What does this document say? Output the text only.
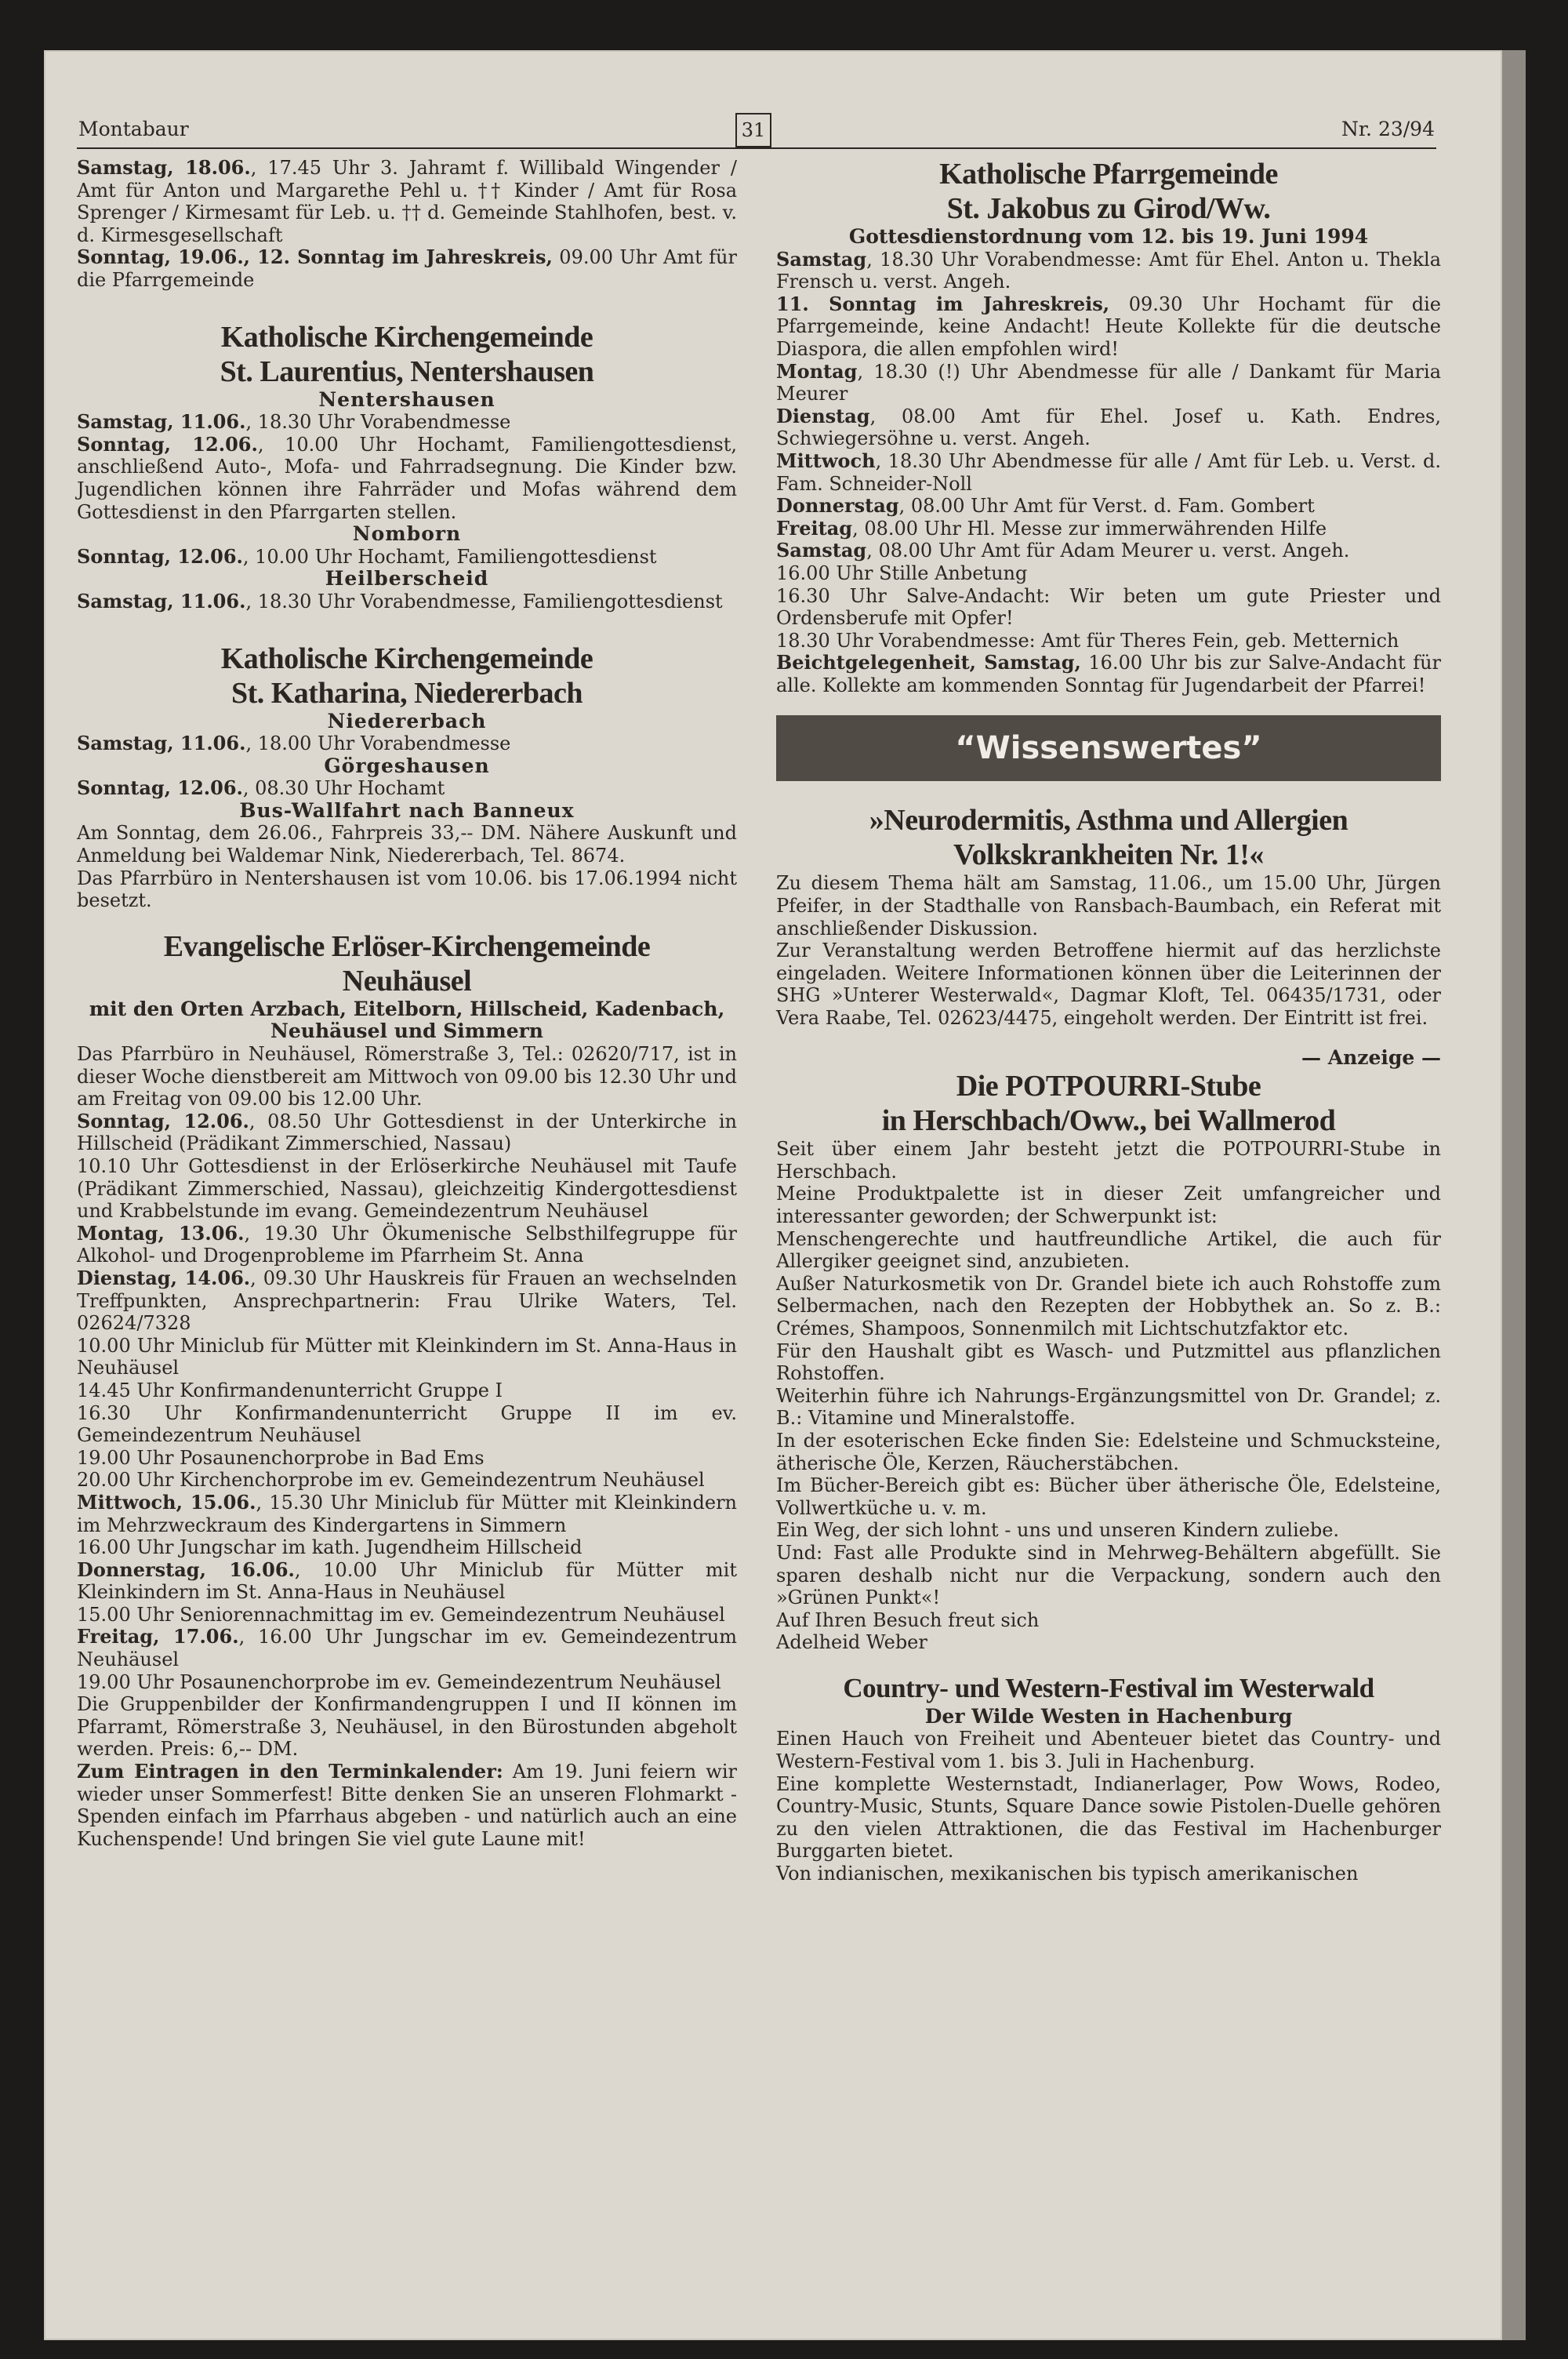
Montabaur	31	Nr. 23/94

Samstag, 18.06., 17.45 Uhr 3. Jahramt f. Willibald Wingender / Amt für Anton und Margarethe Pehl u. †† Kinder / Amt für Rosa Sprenger / Kirmesamt für Leb. u. †† d. Gemeinde Stahlhofen, best. v. d. Kirmesgesellschaft

Sonntag, 19.06., 12. Sonntag im Jahreskreis, 09.00 Uhr Amt für die Pfarrgemeinde

Katholische Kirchengemeinde

St. Laurentius, Nentershausen

Nentershausen

Samstag, 11.06., 18.30 Uhr Vorabendmesse

Sonntag, 12.06., 10.00 Uhr Hochamt, Familiengottesdienst, anschließend Auto-, Mofa- und Fahrradsegnung. Die Kinder bzw. Jugendlichen können ihre Fahrräder und Mofas während dem Gottesdienst in den Pfarrgarten stellen.

Nomborn

Sonntag, 12.06., 10.00 Uhr Hochamt, Familiengottesdienst

Heilberscheid

Samstag, 11.06., 18.30 Uhr Vorabendmesse, Familiengottesdienst

Katholische Kirchengemeinde

St. Katharina, Niedererbach

Niedererbach

Samstag, 11.06., 18.00 Uhr Vorabendmesse

Görgeshausen

Sonntag, 12.06., 08.30 Uhr Hochamt

Bus-Wallfahrt nach Banneux

Am Sonntag, dem 26.06., Fahrpreis 33,-- DM. Nähere Auskunft und Anmeldung bei Waldemar Nink, Niedererbach, Tel. 8674.

Das Pfarrbüro in Nentershausen ist vom 10.06. bis 17.06.1994 nicht besetzt.

Evangelische Erlöser-Kirchengemeinde

Neuhäusel

mit den Orten Arzbach, Eitelborn, Hillscheid, Kadenbach, Neuhäusel und Simmern

Das Pfarrbüro in Neuhäusel, Römerstraße 3, Tel.: 02620/717, ist in dieser Woche dienstbereit am Mittwoch von 09.00 bis 12.30 Uhr und am Freitag von 09.00 bis 12.00 Uhr.

Sonntag, 12.06., 08.50 Uhr Gottesdienst in der Unterkirche in Hillscheid (Prädikant Zimmerschied, Nassau)

10.10 Uhr Gottesdienst in der Erlöserkirche Neuhäusel mit Taufe (Prädikant Zimmerschied, Nassau), gleichzeitig Kindergottesdienst und Krabbelstunde im evang. Gemeindezentrum Neuhäusel

Montag, 13.06., 19.30 Uhr Ökumenische Selbsthilfegruppe für Alkohol- und Drogenprobleme im Pfarrheim St. Anna

Dienstag, 14.06., 09.30 Uhr Hauskreis für Frauen an wechselnden Treffpunkten, Ansprechpartnerin: Frau Ulrike Waters, Tel. 02624/7328

10.00 Uhr Miniclub für Mütter mit Kleinkindern im St. Anna-Haus in Neuhäusel

14.45 Uhr Konfirmandenunterricht Gruppe I

16.30 Uhr Konfirmandenunterricht Gruppe II im ev. Gemeindezentrum Neuhäusel

19.00 Uhr Posaunenchorprobe in Bad Ems

20.00 Uhr Kirchenchorprobe im ev. Gemeindezentrum Neuhäusel

Mittwoch, 15.06., 15.30 Uhr Miniclub für Mütter mit Kleinkindern im Mehrzweckraum des Kindergartens in Simmern

16.00 Uhr Jungschar im kath. Jugendheim Hillscheid

Donnerstag, 16.06., 10.00 Uhr Miniclub für Mütter mit Kleinkindern im St. Anna-Haus in Neuhäusel

15.00 Uhr Seniorennachmittag im ev. Gemeindezentrum Neuhäusel

Freitag, 17.06., 16.00 Uhr Jungschar im ev. Gemeindezentrum Neuhäusel

19.00 Uhr Posaunenchorprobe im ev. Gemeindezentrum Neuhäusel

Die Gruppenbilder der Konfirmandengruppen I und II können im Pfarramt, Römerstraße 3, Neuhäusel, in den Bürostunden abgeholt werden. Preis: 6,-- DM.

Zum Eintragen in den Terminkalender: Am 19. Juni feiern wir wieder unser Sommerfest! Bitte denken Sie an unseren Flohmarkt - Spenden einfach im Pfarrhaus abgeben - und natürlich auch an eine Kuchenspende! Und bringen Sie viel gute Laune mit!

Katholische Pfarrgemeinde

St. Jakobus zu Girod/Ww.

Gottesdienstordnung vom 12. bis 19. Juni 1994

Samstag, 18.30 Uhr Vorabendmesse: Amt für Ehel. Anton u. Thekla Frensch u. verst. Angeh.

11. Sonntag im Jahreskreis, 09.30 Uhr Hochamt für die Pfarrgemeinde, keine Andacht! Heute Kollekte für die deutsche Diaspora, die allen empfohlen wird!

Montag, 18.30 (!) Uhr Abendmesse für alle / Dankamt für Maria Meurer

Dienstag, 08.00 Amt für Ehel. Josef u. Kath. Endres, Schwiegersöhne u. verst. Angeh.

Mittwoch, 18.30 Uhr Abendmesse für alle / Amt für Leb. u. Verst. d. Fam. Schneider-Noll

Donnerstag, 08.00 Uhr Amt für Verst. d. Fam. Gombert

Freitag, 08.00 Uhr Hl. Messe zur immerwährenden Hilfe

Samstag, 08.00 Uhr Amt für Adam Meurer u. verst. Angeh.

16.00 Uhr Stille Anbetung

16.30 Uhr Salve-Andacht: Wir beten um gute Priester und Ordensberufe mit Opfer!

18.30 Uhr Vorabendmesse: Amt für Theres Fein, geb. Metternich

Beichtgelegenheit, Samstag, 16.00 Uhr bis zur Salve-Andacht für alle. Kollekte am kommenden Sonntag für Jugendarbeit der Pfarrei!

“Wissenswertes”

»Neurodermitis, Asthma und Allergien

Volkskrankheiten Nr. 1!«

Zu diesem Thema hält am Samstag, 11.06., um 15.00 Uhr, Jürgen Pfeifer, in der Stadthalle von Ransbach-Baumbach, ein Referat mit anschließender Diskussion.

Zur Veranstaltung werden Betroffene hiermit auf das herzlichste eingeladen. Weitere Informationen können über die Leiterinnen der SHG »Unterer Westerwald«, Dagmar Kloft, Tel. 06435/1731, oder Vera Raabe, Tel. 02623/4475, eingeholt werden. Der Eintritt ist frei.

— Anzeige —

Die POTPOURRI-Stube

in Herschbach/Oww., bei Wallmerod

Seit über einem Jahr besteht jetzt die POTPOURRI-Stube in Herschbach.

Meine Produktpalette ist in dieser Zeit umfangreicher und interessanter geworden; der Schwerpunkt ist:

Menschengerechte und hautfreundliche Artikel, die auch für Allergiker geeignet sind, anzubieten.

Außer Naturkosmetik von Dr. Grandel biete ich auch Rohstoffe zum Selbermachen, nach den Rezepten der Hobbythek an. So z. B.: Crémes, Shampoos, Sonnenmilch mit Lichtschutzfaktor etc.

Für den Haushalt gibt es Wasch- und Putzmittel aus pflanzlichen Rohstoffen.

Weiterhin führe ich Nahrungs-Ergänzungsmittel von Dr. Grandel; z. B.: Vitamine und Mineralstoffe.

In der esoterischen Ecke finden Sie: Edelsteine und Schmucksteine, ätherische Öle, Kerzen, Räucherstäbchen.

Im Bücher-Bereich gibt es: Bücher über ätherische Öle, Edelsteine, Vollwertküche u. v. m.

Ein Weg, der sich lohnt - uns und unseren Kindern zuliebe.

Und: Fast alle Produkte sind in Mehrweg-Behältern abgefüllt. Sie sparen deshalb nicht nur die Verpackung, sondern auch den »Grünen Punkt«!

Auf Ihren Besuch freut sich

Adelheid Weber

Country- und Western-Festival im Westerwald

Der Wilde Westen in Hachenburg

Einen Hauch von Freiheit und Abenteuer bietet das Country- und Western-Festival vom 1. bis 3. Juli in Hachenburg.

Eine komplette Westernstadt, Indianerlager, Pow Wows, Rodeo, Country-Music, Stunts, Square Dance sowie Pistolen-Duelle gehören zu den vielen Attraktionen, die das Festival im Hachenburger Burggarten bietet.

Von indianischen, mexikanischen bis typisch amerikanischen
